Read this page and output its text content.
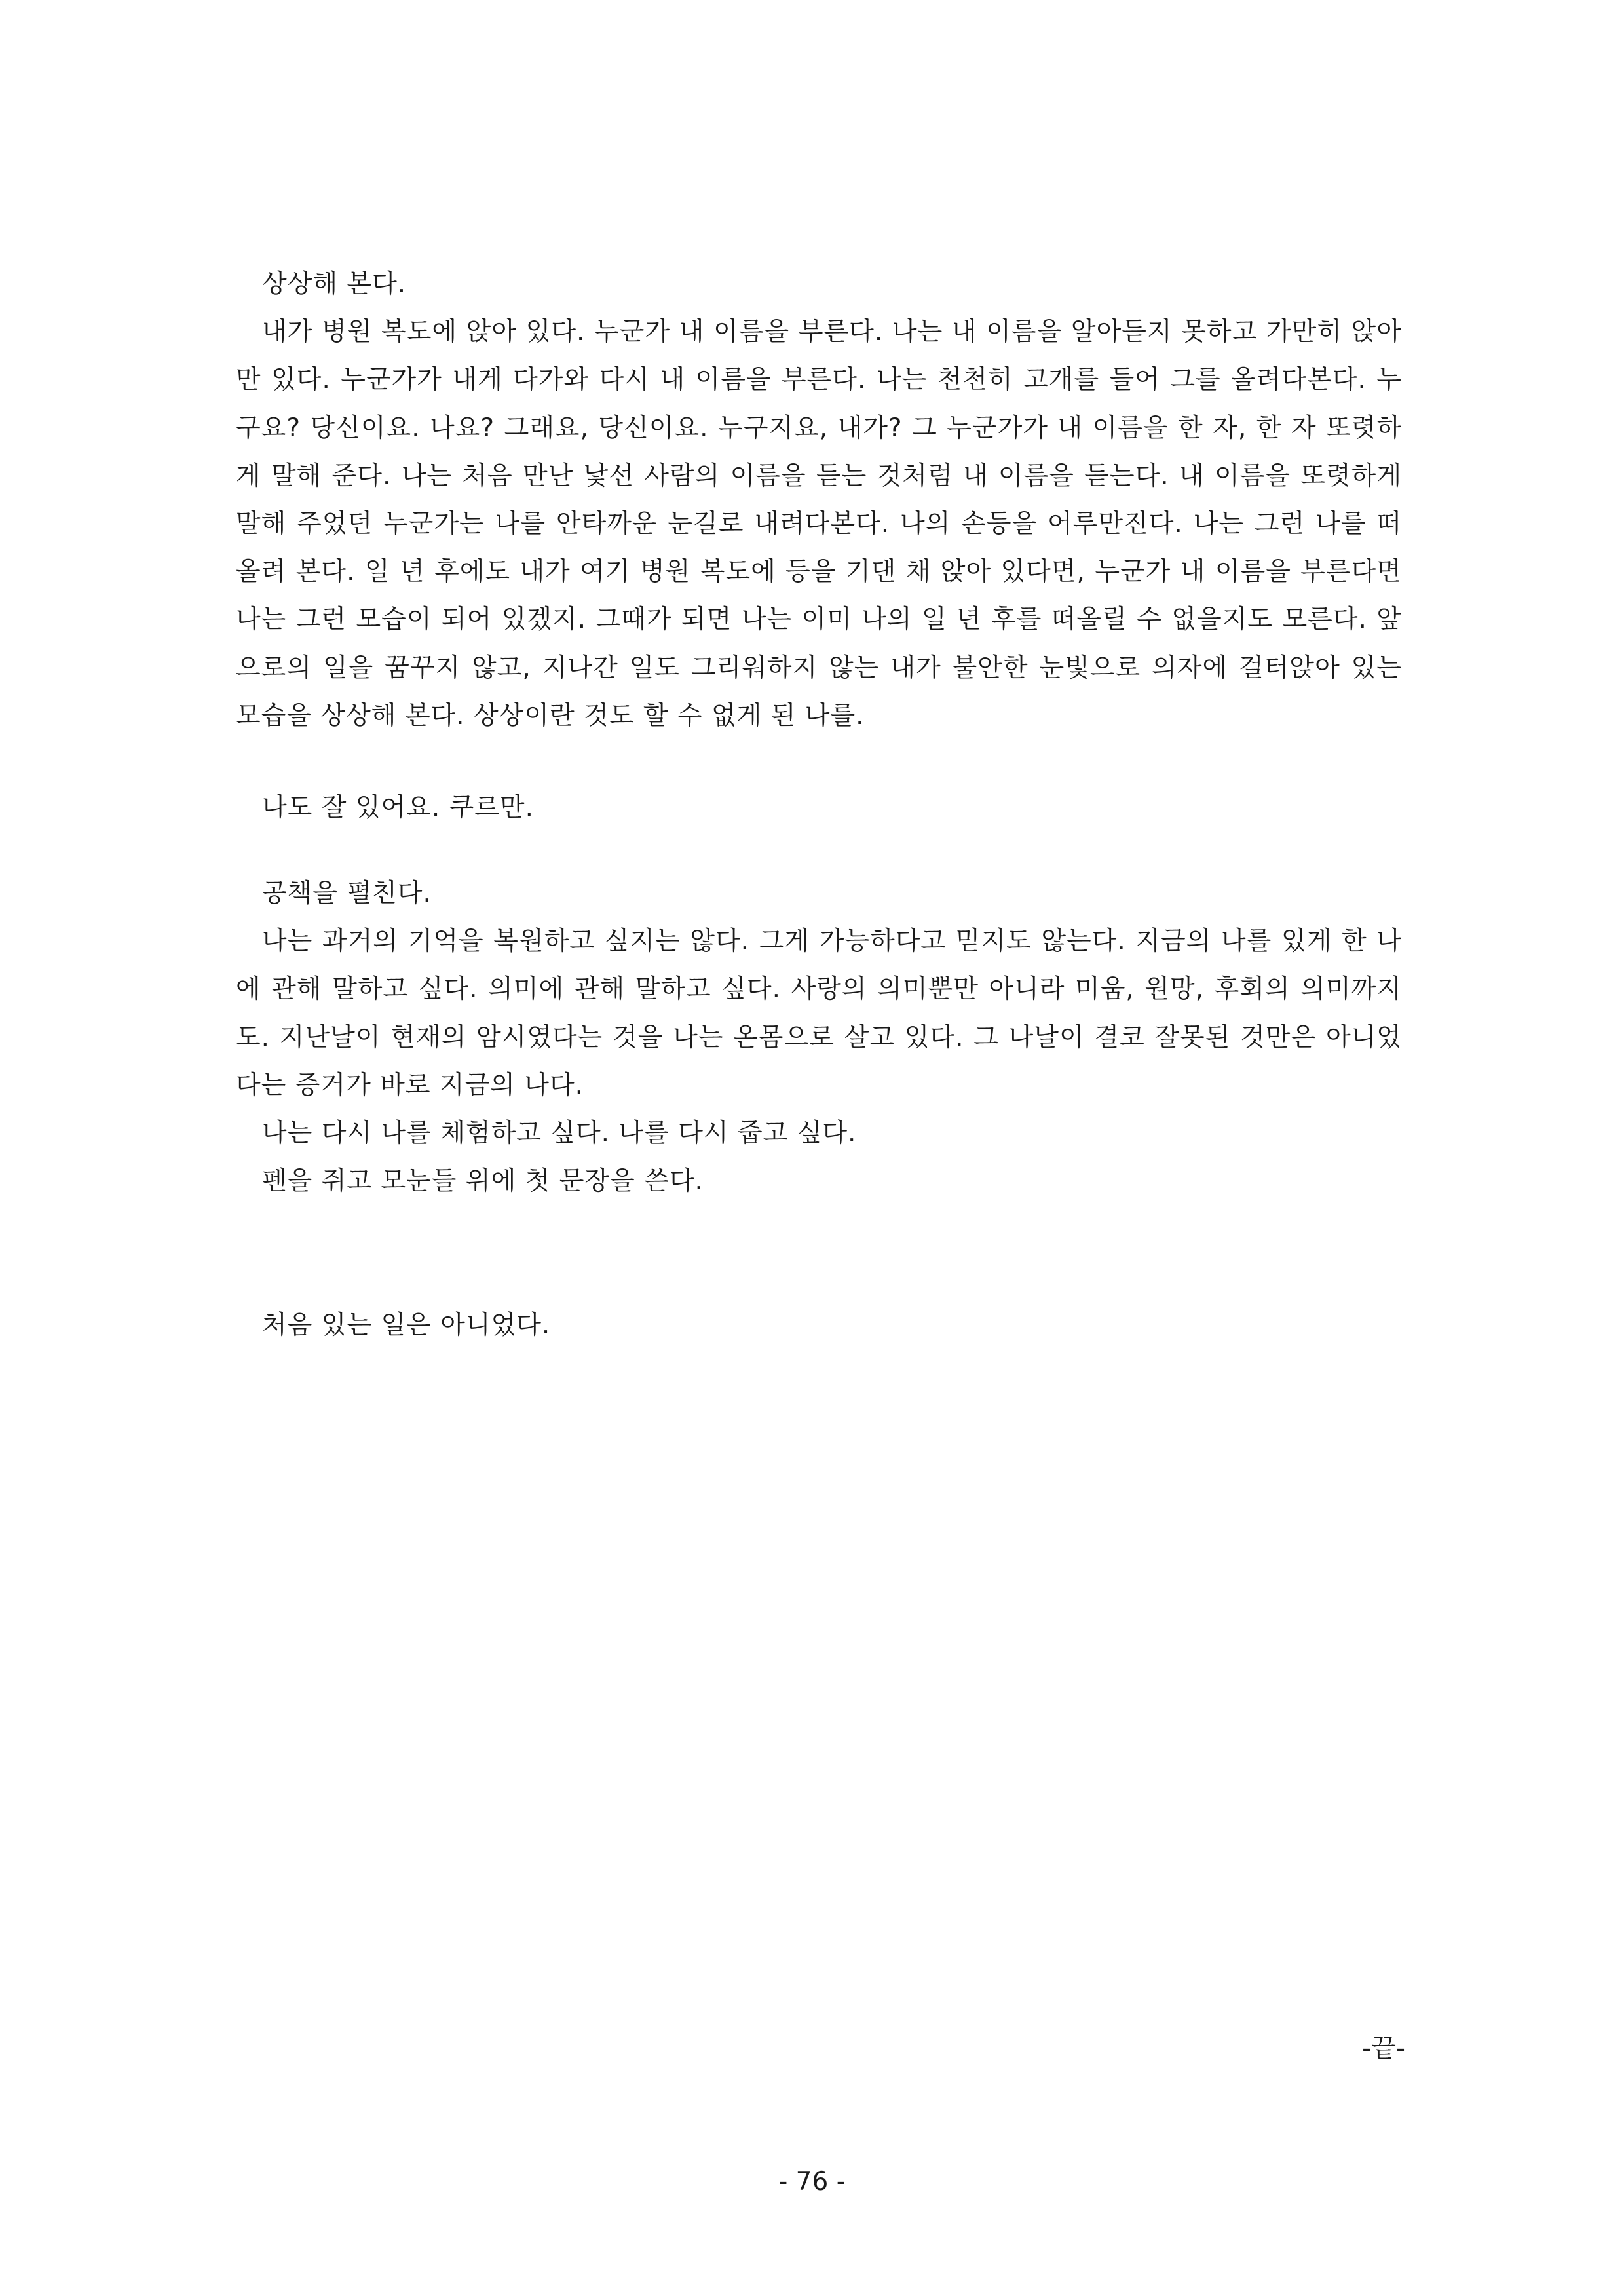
상상해 본다.

내가 병원 복도에 앉아 있다. 누군가 내 이름을 부른다. 나는 내 이름을 알아듣지 못하고 가만히 앉아만 있다. 누군가가 내게 다가와 다시 내 이름을 부른다. 나는 천천히 고개를 들어 그를 올려다본다. 누구요? 당신이요. 나요? 그래요, 당신이요. 누구지요, 내가? 그 누군가가 내 이름을 한 자, 한 자 또렷하게 말해 준다. 나는 처음 만난 낯선 사람의 이름을 듣는 것처럼 내 이름을 듣는다. 내 이름을 또렷하게 말해 주었던 누군가는 나를 안타까운 눈길로 내려다본다. 나의 손등을 어루만진다. 나는 그런 나를 떠올려 본다. 일 년 후에도 내가 여기 병원 복도에 등을 기댄 채 앉아 있다면, 누군가 내 이름을 부른다면 나는 그런 모습이 되어 있겠지. 그때가 되면 나는 이미 나의 일 년 후를 떠올릴 수 없을지도 모른다. 앞으로의 일을 꿈꾸지 않고, 지나간 일도 그리워하지 않는 내가 불안한 눈빛으로 의자에 걸터앉아 있는 모습을 상상해 본다. 상상이란 것도 할 수 없게 된 나를.

나도 잘 있어요. 쿠르만.

공책을 펼친다.

나는 과거의 기억을 복원하고 싶지는 않다. 그게 가능하다고 믿지도 않는다. 지금의 나를 있게 한 나에 관해 말하고 싶다. 의미에 관해 말하고 싶다. 사랑의 의미뿐만 아니라 미움, 원망, 후회의 의미까지도. 지난날이 현재의 암시였다는 것을 나는 온몸으로 살고 있다. 그 나날이 결코 잘못된 것만은 아니었다는 증거가 바로 지금의 나다.

나는 다시 나를 체험하고 싶다. 나를 다시 줍고 싶다.

펜을 쥐고 모눈들 위에 첫 문장을 쓴다.

처음 있는 일은 아니었다.

-끝-
- 76 -
